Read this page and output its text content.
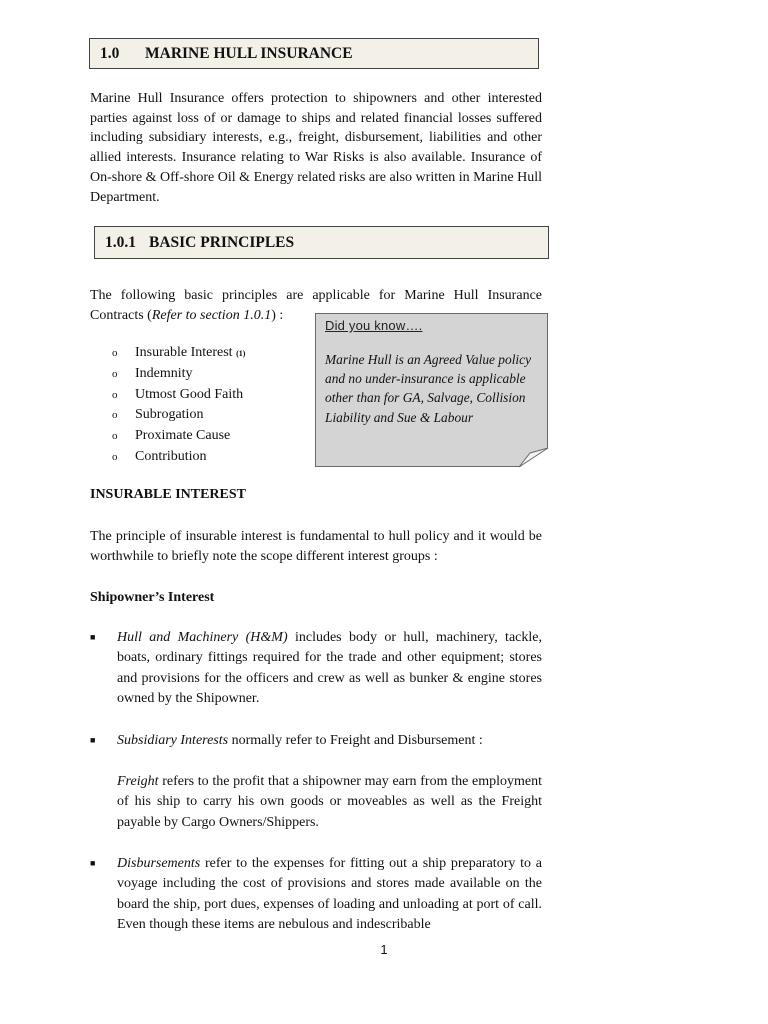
1.0	MARINE HULL INSURANCE
Marine Hull Insurance offers protection to shipowners and other interested parties against loss of or damage to ships and related financial losses suffered including subsidiary interests, e.g., freight, disbursement, liabilities and other allied interests. Insurance relating to War Risks is also available. Insurance of On-shore & Off-shore Oil & Energy related risks are also written in Marine Hull Department.
1.0.1 BASIC PRINCIPLES
The following basic principles are applicable for Marine Hull Insurance Contracts (Refer to section 1.0.1) :
o	Insurable Interest
(1)
o	Indemnity
o	Utmost Good Faith
o	Subrogation
o	Proximate Cause
o	Contribution
Did you know….
Marine Hull is an Agreed Value policy and no under-insurance is applicable other than for GA, Salvage, Collision Liability and Sue & Labour
INSURABLE INTEREST
The principle of insurable interest is fundamental to hull policy and it would be worthwhile to briefly note the scope different interest groups :
Shipowner’s Interest
■ Hull and Machinery (H&M) includes body or hull, machinery, tackle, boats, ordinary fittings required for the trade and other equipment; stores and provisions for the officers and crew as well as bunker & engine stores owned by the Shipowner.
■ Subsidiary Interests normally refer to Freight and Disbursement :
Freight refers to the profit that a shipowner may earn from the employment of his ship to carry his own goods or moveables as well as the Freight payable by Cargo Owners/Shippers.
■ Disbursements refer to the expenses for fitting out a ship preparatory to a voyage including the cost of provisions and stores made available on the board the ship, port dues, expenses of loading and unloading at port of call. Even though these items are nebulous and indescribable
1
